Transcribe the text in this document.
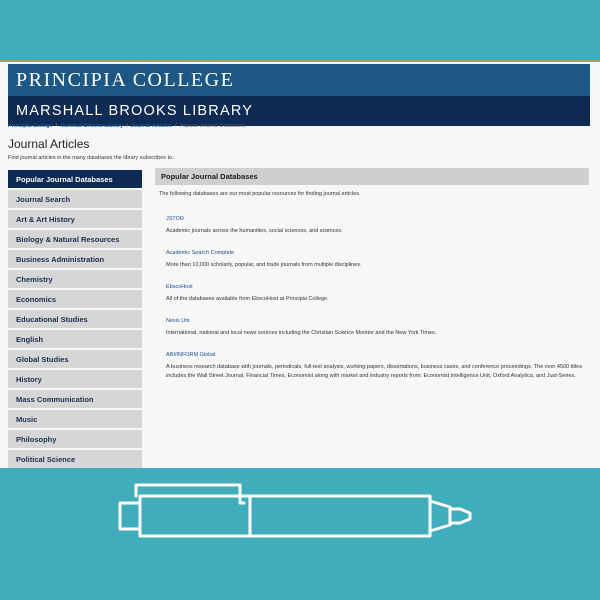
PRINCIPIA COLLEGE
MARSHALL BROOKS LIBRARY
Principia College / Marshall Brooks Library / Journal Articles / Popular Journal Databases
Journal Articles
Find journal articles in the many databases the library subscribes to.
Popular Journal Databases
Journal Search
Art & Art History
Biology & Natural Resources
Business Administration
Chemistry
Economics
Educational Studies
English
Global Studies
History
Mass Communication
Music
Philosophy
Political Science
Popular Journal Databases
The following databases are our most popular resources for finding journal articles.
JSTOR
Academic journals across the humanities, social sciences, and sciences.
Academic Search Complete
More than 10,000 scholarly, popular, and trade journals from multiple disciplines.
EbscoHost
All of the databases available from EbscoHost at Principia College.
Nexis Uni
International, national and local news sources including the Christian Science Monitor and the New York Times.
ABI/INFORM Global
A business research database with journals, periodicals, full-text analysis, working papers, dissertations, business cases, and conference proceedings. The over 4500 titles includes the Wall Street Journal, Financial Times, Economist along with market and industry reports from: Economist Intelligence Unit, Oxford Analytica, and Just-Series.
